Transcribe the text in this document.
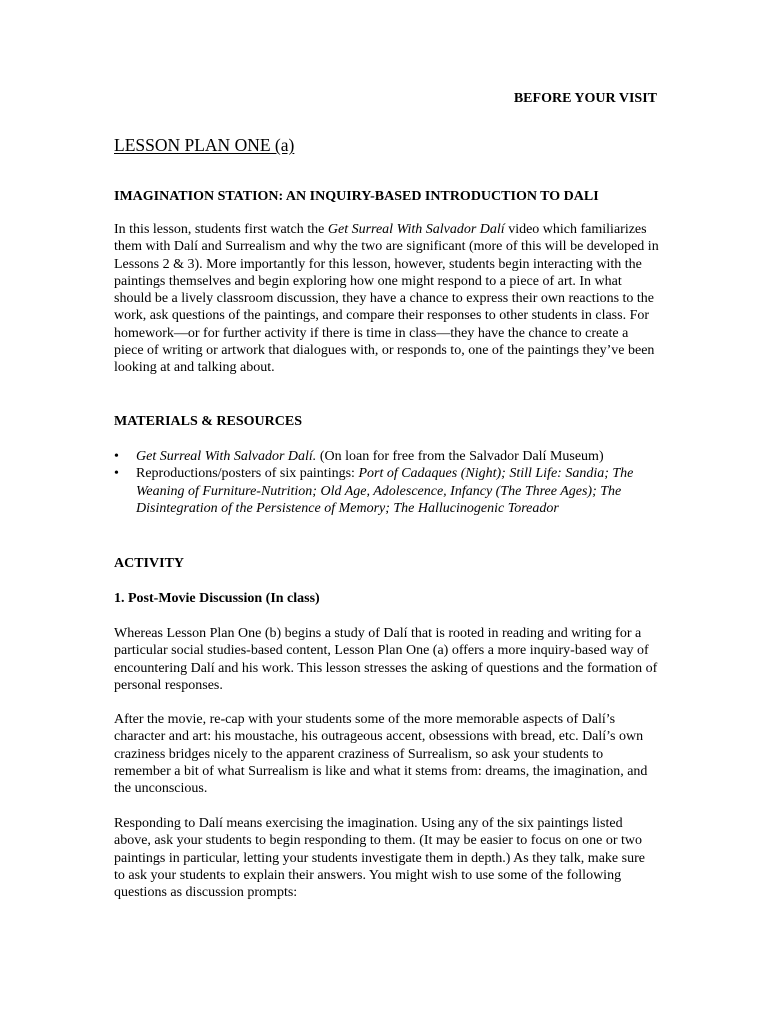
BEFORE YOUR VISIT

LESSON PLAN ONE (a)
IMAGINATION STATION: AN INQUIRY-BASED INTRODUCTION TO DALI

In this lesson, students first watch the Get Surreal With Salvador Dalí video which familiarizes them with Dalí and Surrealism and why the two are significant (more of this will be developed in Lessons 2 & 3). More importantly for this lesson, however, students begin interacting with the paintings themselves and begin exploring how one might respond to a piece of art. In what should be a lively classroom discussion, they have a chance to express their own reactions to the work, ask questions of the paintings, and compare their responses to other students in class. For homework—or for further activity if there is time in class—they have the chance to create a piece of writing or artwork that dialogues with, or responds to, one of the paintings they’ve been looking at and talking about.

MATERIALS & RESOURCES
• Get Surreal With Salvador Dalí. (On loan for free from the Salvador Dalí Museum)
• Reproductions/posters of six paintings: Port of Cadaques (Night); Still Life: Sandia; The Weaning of Furniture-Nutrition; Old Age, Adolescence, Infancy (The Three Ages); The Disintegration of the Persistence of Memory; The Hallucinogenic Toreador
ACTIVITY
1. Post-Movie Discussion (In class)

Whereas Lesson Plan One (b) begins a study of Dalí that is rooted in reading and writing for a particular social studies-based content, Lesson Plan One (a) offers a more inquiry-based way of encountering Dalí and his work. This lesson stresses the asking of questions and the formation of personal responses.

After the movie, re-cap with your students some of the more memorable aspects of Dalí’s character and art: his moustache, his outrageous accent, obsessions with bread, etc. Dalí’s own craziness bridges nicely to the apparent craziness of Surrealism, so ask your students to remember a bit of what Surrealism is like and what it stems from: dreams, the imagination, and the unconscious.

Responding to Dalí means exercising the imagination. Using any of the six paintings listed above, ask your students to begin responding to them. (It may be easier to focus on one or two paintings in particular, letting your students investigate them in depth.) As they talk, make sure to ask your students to explain their answers. You might wish to use some of the following questions as discussion prompts:
